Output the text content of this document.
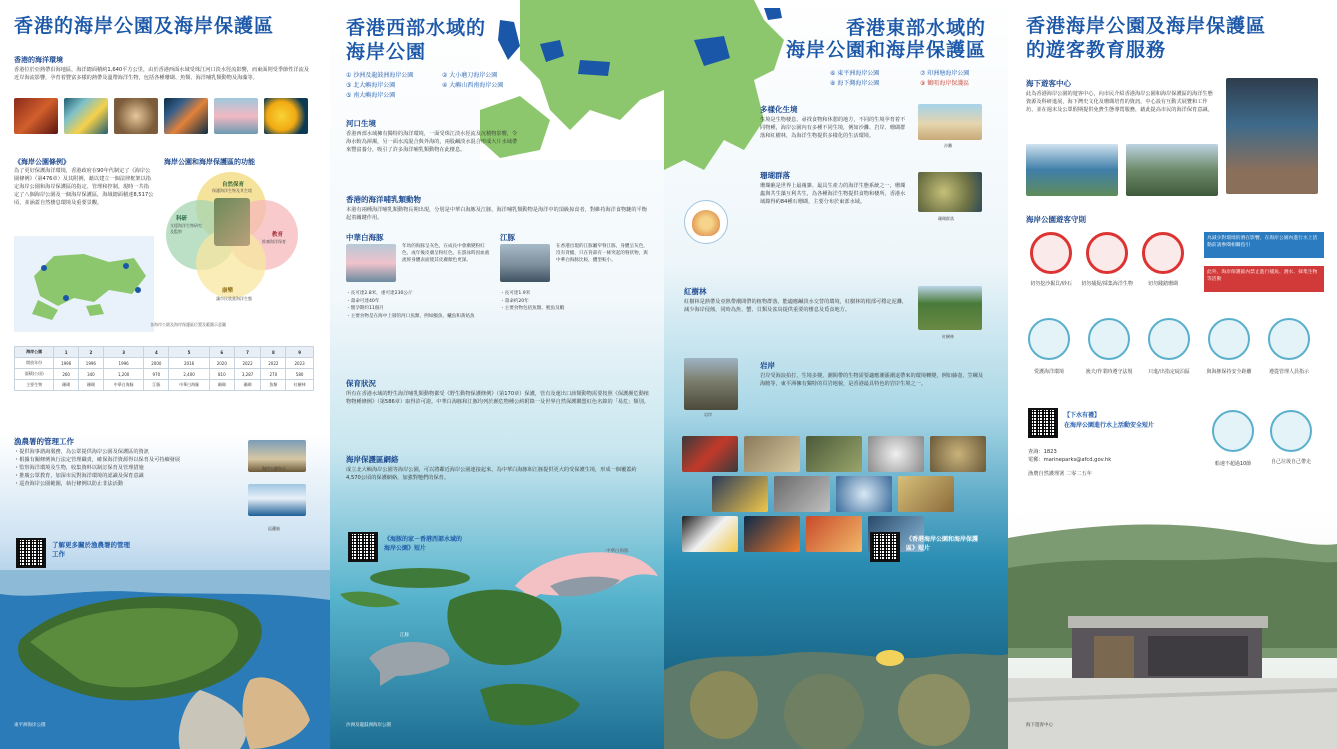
香港的海岸公園及海岸保護區
香港的海洋環境

香港位於亞熱帶沿海地區，海洋總面積約1,640平方公里，由於香港西面水域受珠江河口淡水徑流影響，而東面則受季節性洋流及近岸海流影響，孕育着豐富多樣的熱帶及溫帶海洋生物，包括各種珊瑚、魚類、海洋哺乳類動物及海藻等。

《海岸公園條例》

為了更好保護海洋環境，香港政府在90年代制定了《海岸公園條例》（第476章）及其附例，藉以建立一個法律框架以指定海岸公園和海岸保護區的指定、管理和控制。現時一共指定了八個海岸公園及一個海岸保護區，海域總面積達8,517公頃，並涵蓋自然棲息環境及重要景觀。

海岸公園和海岸保護區的功能
自然保育
保護海洋生物及其生境
科研
支援海洋生物研究及監察
教育
推廣海洋保育
康樂
讓市民欣賞海洋生態
各海岸公園及海岸保護區位置及範圍示意圖
海岸公園	1	2	3	4	5	6	7	8	9
開放年份	1996	1996	1996	2000	2016	2020	2022	2022	2023
面積(公頃)	260	340	1,200	970	2,400	810	3,287	270	580
主要生物	珊瑚	珊瑚	中華白海豚	江豚	中華白海豚	珊瑚	珊瑚	魚類	紅樹林
漁農署的管理工作
・提供海事諮詢服務，為公眾提供海岸公園及保護區的資訊
・根據有關條例執行法定管理職責，確保海洋資源得以保育及可持續發展
・監察海洋環境及生物，收集資料以制訂保育及管理措施
・推廣公眾教育，加深市民對海洋環境的認識及保育意識
・巡查海岸公園範圍，執行條例以防止非法活動
海岸公園告示
巡邏船
了解更多關於漁農署的管理工作
東平洲海岸公園
香港西部水域的
海岸公園
① 沙洲及龍鼓洲海岸公園	② 大小磨刀海岸公園
③ 北大嶼海岸公園	④ 大嶼山西南海岸公園
⑤ 南大嶼海岸公園
河口生境

香港西部水域擁有獨特的海洋環境，一面受珠江淡水徑流及沉積物影響，令海水較為渾濁，另一面水流混合與外海的，兩股鹹淡水混合形成大片水域帶來豐富養分，吸引了許多海洋哺乳類動物在此棲息。

香港的海洋哺乳類動物

本港有兩種海洋哺乳類動物長期出現，分別是中華白海豚及江豚，海洋哺乳類動物是海洋中的頂級掠食者，對維持海洋食物鏈的平衡起着關鍵作用。

中華白海豚

年幼的海豚呈灰色，在成長中會漸變粉紅色，成年後皮膚呈粉紅色，在游泳時因血液流經身體表面使其皮膚顏色更深。

・長可達2.8米，重可達230公斤
・壽命可達40年
・懷孕期約11個月
・主要食物是在海中上層的河口魚類，例如鯔魚、鱸魚和黃姑魚
江豚

在香港出現的江豚屬窄脊江豚，身體呈灰色，沒有背鰭，只在背部有一條突起的脊狀物，與中華白海豚比較，體型較小。

・長可達1.9米
・壽命約20年
・主要食物包括魚類、魷魚及蝦
保育狀況

所有在香港水域的野生海洋哺乳類動物都受《野生動物保護條例》（第170章）保護，管有及運出口該類動物需要按照《保護瀕危動植物物種條例》（第586章）取得許可證。中華白海豚和江豚均列於瀕危物種公約附錄一及世界自然保護聯盟紅色名錄的「易危」類別。

海岸保護區網絡

成立北大嶼海岸公園等海岸公園，可以將鄰近海岸公園連接起來，為中華白海豚和江豚提供更大的受保護生境，形成一個覆蓋約4,570公頃的保護網絡，加強對牠們的保育。

《海豚的家－香港西部水域的海岸公園》短片	中華白海豚
江豚
沙洲及龍鼓洲海岸公園
香港東部水域的
海岸公園和海岸保護區
⑥ 東平洲海岸公園	⑦ 印洲塘海岸公園
⑧ 海下灣海岸公園	⑨ 鶴咀海岸保護區
多樣化生境

生境是生物棲息、尋找食物和休憩的地方，不同的生境孕育着不同物種，海岸公園內有多種不同生境，例如沙灘、岩岸、珊瑚群落和紅樹林，為海洋生物提供多樣化的生活環境。

沙灘
珊瑚群落

珊瑚礁是世界上最複雜、最具生產力的海洋生態系統之一，珊瑚蟲與共生藻互利共生，為各種海洋生物提供食物和棲所，香港水域錄得約84種石珊瑚，主要分布於東部水域。

珊瑚群落
紅樹林

紅樹林是熱帶及亞熱帶潮間帶的植物群落，能適應鹹淡水交替的環境，紅樹林的根部可穩定泥灘，減少海岸侵蝕，同時為魚、蟹、貝類及雀鳥提供重要的棲息及覓食地方。

紅樹林
岩岸
岩岸

岩岸受海浪拍打，生境多變，潮間帶的生物需要適應潮漲潮退帶來的環境轉變，例如藤壺、笠螺及海膽等，東平洲擁有獨特的頁岩地貌，是香港最具特色的岩岸生境之一。

《香港海岸公園和海岸保護區》短片
香港海岸公園及海岸保護區
的遊客教育服務
海下遊客中心

此為香港海岸公園的遊客中心，向市民介紹香港海岸公園和海岸保護區的海洋生態資源及科研進展，海下灣史文化及珊瑚培育的資訊，中心設有互動式展覽和工作坊，並在週末及公眾假期提供免費生態導賞服務，藉此提高市民的海洋保育意識。

海岸公園遊客守則
切勿挖沙掘貝/砂石	切勿捕捉/採集海洋生物	切勿踐踏珊瑚
為減少對環境的潛在影響，在海岸公園內進行水上活動前請參閱相關指引
此外，海岸保護區內禁止進行捕魚、潛水、採集生物等活動
愛護海洋環境	漁夫/作業時遵守法規	只進/出指定碇泊區	與海豚保持安全距離	遵從管理人員指示
【下水有禮】
在海岸公園進行水上活動安全短片
船速不超過10節	自己垃圾自己帶走
查詢：1823
電郵：marineparks@afcd.gov.hk
漁農自然護理署 二零二五年
海下遊客中心
